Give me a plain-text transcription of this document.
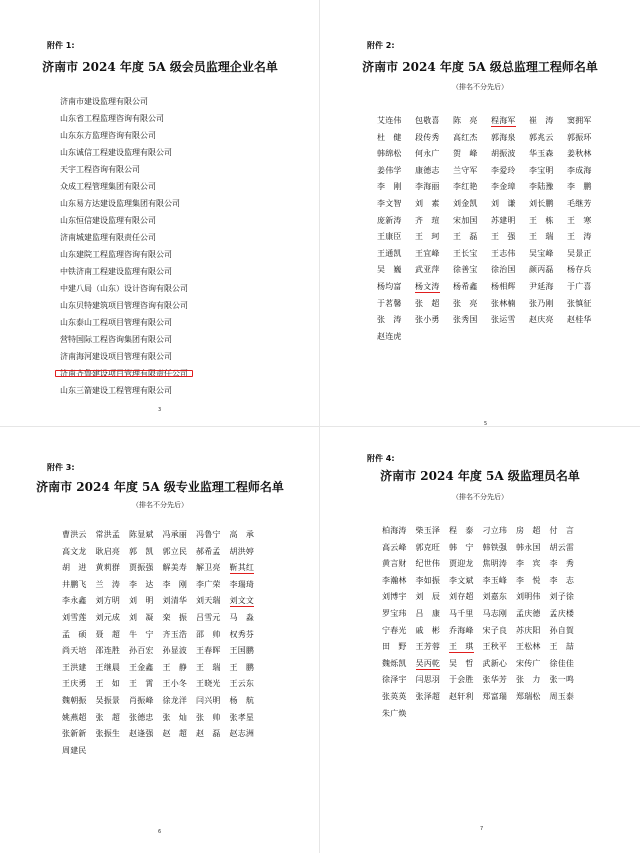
附件 1:
济南市 2024 年度 5A 级会员监理企业名单
济南市建设监理有限公司
山东省工程监理咨询有限公司
山东东方监理咨询有限公司
山东诚信工程建设监理有限公司
天宇工程咨询有限公司
众成工程管理集团有限公司
山东易方达建设监理集团有限公司
山东恒信建设监理有限公司
济南城建监理有限责任公司
山东建院工程监理咨询有限公司
中铁济南工程建设监理有限公司
中建八局（山东）设计咨询有限公司
山东贝特建筑项目管理咨询有限公司
山东泰山工程项目管理有限公司
营特国际工程咨询集团有限公司
济南海河建设项目管理有限公司
济南齐鲁建设项目管理有限责任公司
山东三箭建设工程管理有限公司
3
附件 2:
济南市 2024 年度 5A 级总监理工程师名单
（排名不分先后）
艾连伟	包敬喜	陈　亮	程海军	崔　涛	窦拥军
杜　健	段传秀	高红杰	郭海泉	郭兆云	郭振环
韩绵松	何永广	贺　峰	胡振波	华玉森	姜秋林
姜伟学	康德志	兰守军	李爱玲	李宝明	李成海
李　刚	李海丽	李红艳	李金璋	李陆豫	李　鹏
李文智	刘　素	刘金凯	刘　谦	刘长鹏	毛继芳
庞新涛	齐　瑄	宋加国	苏建明	王　栋	王　寒
王康臣	王　珂	王　磊	王　强	王　瑞	王　涛
王通凯	王宜峰	王长宝	王志伟	吴宝峰	吴景正
吴　巍	武亚萍	徐善宝	徐治国	颜丙磊	杨存兵
杨均富	杨文涛	杨希鑫	杨相辉	尹延海	于广喜
于茗馨	张　超	张　亮	张林楠	张乃刚	张慎征
张　涛	张小勇	张秀国	张运雪	赵庆亮	赵桂华
赵连虎
5
附件 3:
济南市 2024 年度 5A 级专业监理工程师名单
（排名不分先后）
曹洪云	常洪孟	陈显斌	冯承丽	冯鲁宁	高　承
高文龙	耿启亮	郭　凯	郭立民	郝希孟	胡洪婷
胡　进	黄莉群	贾振强	解美寿	解卫亮	靳其红
井鹏飞	兰　涛	李　达	李　刚	李广荣	李瑞琦
李永鑫	刘方明	刘　明	刘清华	刘天瑞	刘文文
刘雪莲	刘元成	刘　凝	栾　振	吕雪元	马　淼
孟　硕	聂　超	牛　宁	齐玉浩	邵　帅	权秀芬
尚天培	邵连胜	孙百宏	孙显波	王春晖	王国鹏
王洪建	王继晨	王金鑫	王　静	王　瑞	王　鹏
王庆勇	王　如	王　霄	王小冬	王晓光	王云东
魏朝振	吴振景	肖振峰	徐龙洋	闫兴明	杨　航
姚燕超	张　超	张德忠	张　灿	张　帅	张孝星
张新新	张振生	赵逢强	赵　超	赵　磊	赵志洲
周建民
6
附件 4:
济南市 2024 年度 5A 级监理员名单
（排名不分先后）
柏海涛	柴玉泽	程　泰	刁立玮	房　超	付　言
高云峰	郭克旺	韩　宁	韩铁强	韩永国	胡云雷
黄言财	纪世伟	贾迎龙	焦明涛	李　宾	李　秀
李瀚林	李如振	李文斌	李玉峰	李　悦	李　志
刘博宇	刘　辰	刘存超	刘嘉东	刘明伟	刘子徐
罗宝玮	吕　康	马千里	马志刚	孟庆德	孟庆楼
宁春光	戚　彬	乔海峰	宋子良	苏庆阳	孙自賀
田　野	王芳蓉	王　琪	王秋平	王松林	王　喆
魏烁凯	吴丙乾	吴　哲	武新心	宋传广	徐佳佳
徐泽宇	闫思羽	于会胜	张华芳	张　力	张一鸣
张英英	张泽超	赵轩利	郑富瑞	郑瑞松	周玉泰
朱广焕
7
